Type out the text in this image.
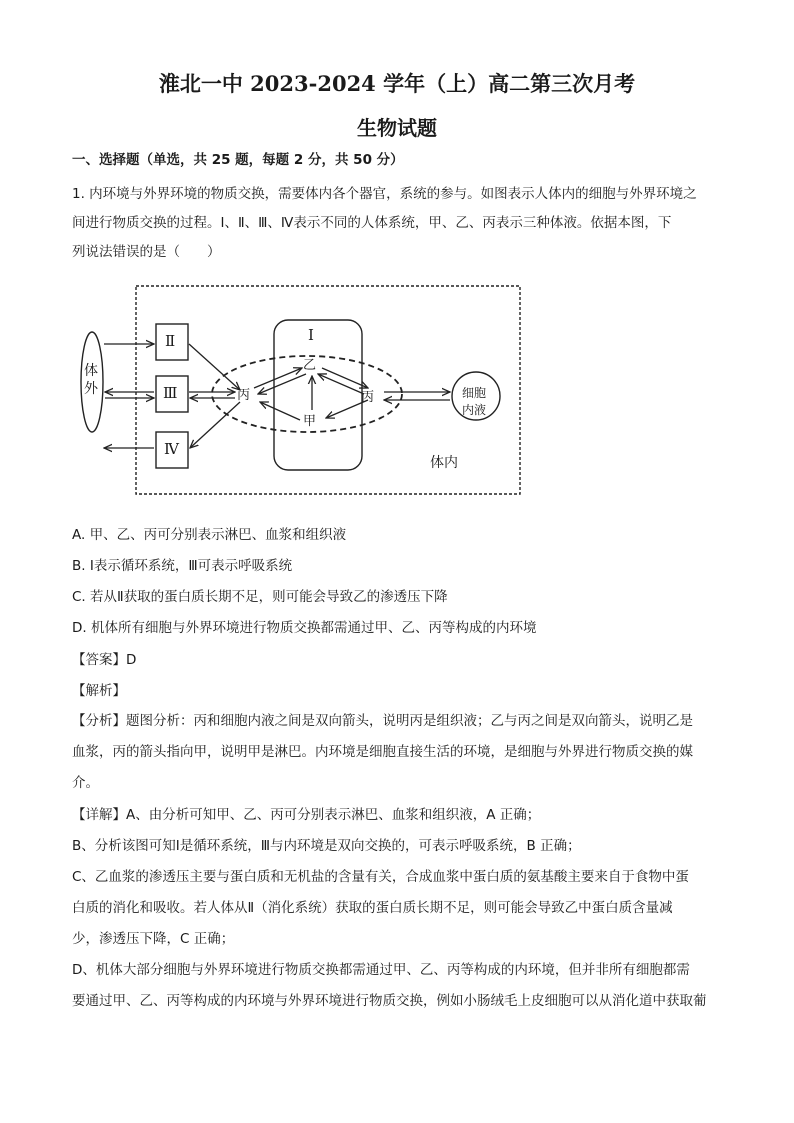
淮北一中 2023-2024 学年（上）高二第三次月考
生物试题
一、选择题（单选，共 25 题，每题 2 分，共 50 分）
1. 内环境与外界环境的物质交换，需要体内各个器官，系统的参与。如图表示人体内的细胞与外界环境之
间进行物质交换的过程。Ⅰ、Ⅱ、Ⅲ、Ⅳ表示不同的人体系统，甲、乙、丙表示三种体液。依据本图，下
列说法错误的是（　　）
体外
Ⅱ
Ⅲ
Ⅳ
Ⅰ
丙
乙
甲
丙	细胞
内液
体内
A. 甲、乙、丙可分别表示淋巴、血浆和组织液
B. Ⅰ表示循环系统，Ⅲ可表示呼吸系统
C. 若从Ⅱ获取的蛋白质长期不足，则可能会导致乙的渗透压下降
D. 机体所有细胞与外界环境进行物质交换都需通过甲、乙、丙等构成的内环境
【答案】D
【解析】
【分析】题图分析：丙和细胞内液之间是双向箭头，说明丙是组织液；乙与丙之间是双向箭头，说明乙是
血浆，丙的箭头指向甲，说明甲是淋巴。内环境是细胞直接生活的环境，是细胞与外界进行物质交换的媒
介。
【详解】A、由分析可知甲、乙、丙可分别表示淋巴、血浆和组织液，A 正确；
B、分析该图可知Ⅰ是循环系统，Ⅲ与内环境是双向交换的，可表示呼吸系统，B 正确；
C、乙血浆的渗透压主要与蛋白质和无机盐的含量有关，合成血浆中蛋白质的氨基酸主要来自于食物中蛋
白质的消化和吸收。若人体从Ⅱ（消化系统）获取的蛋白质长期不足，则可能会导致乙中蛋白质含量减
少，渗透压下降，C 正确；
D、机体大部分细胞与外界环境进行物质交换都需通过甲、乙、丙等构成的内环境，但并非所有细胞都需
要通过甲、乙、丙等构成的内环境与外界环境进行物质交换，例如小肠绒毛上皮细胞可以从消化道中获取葡
